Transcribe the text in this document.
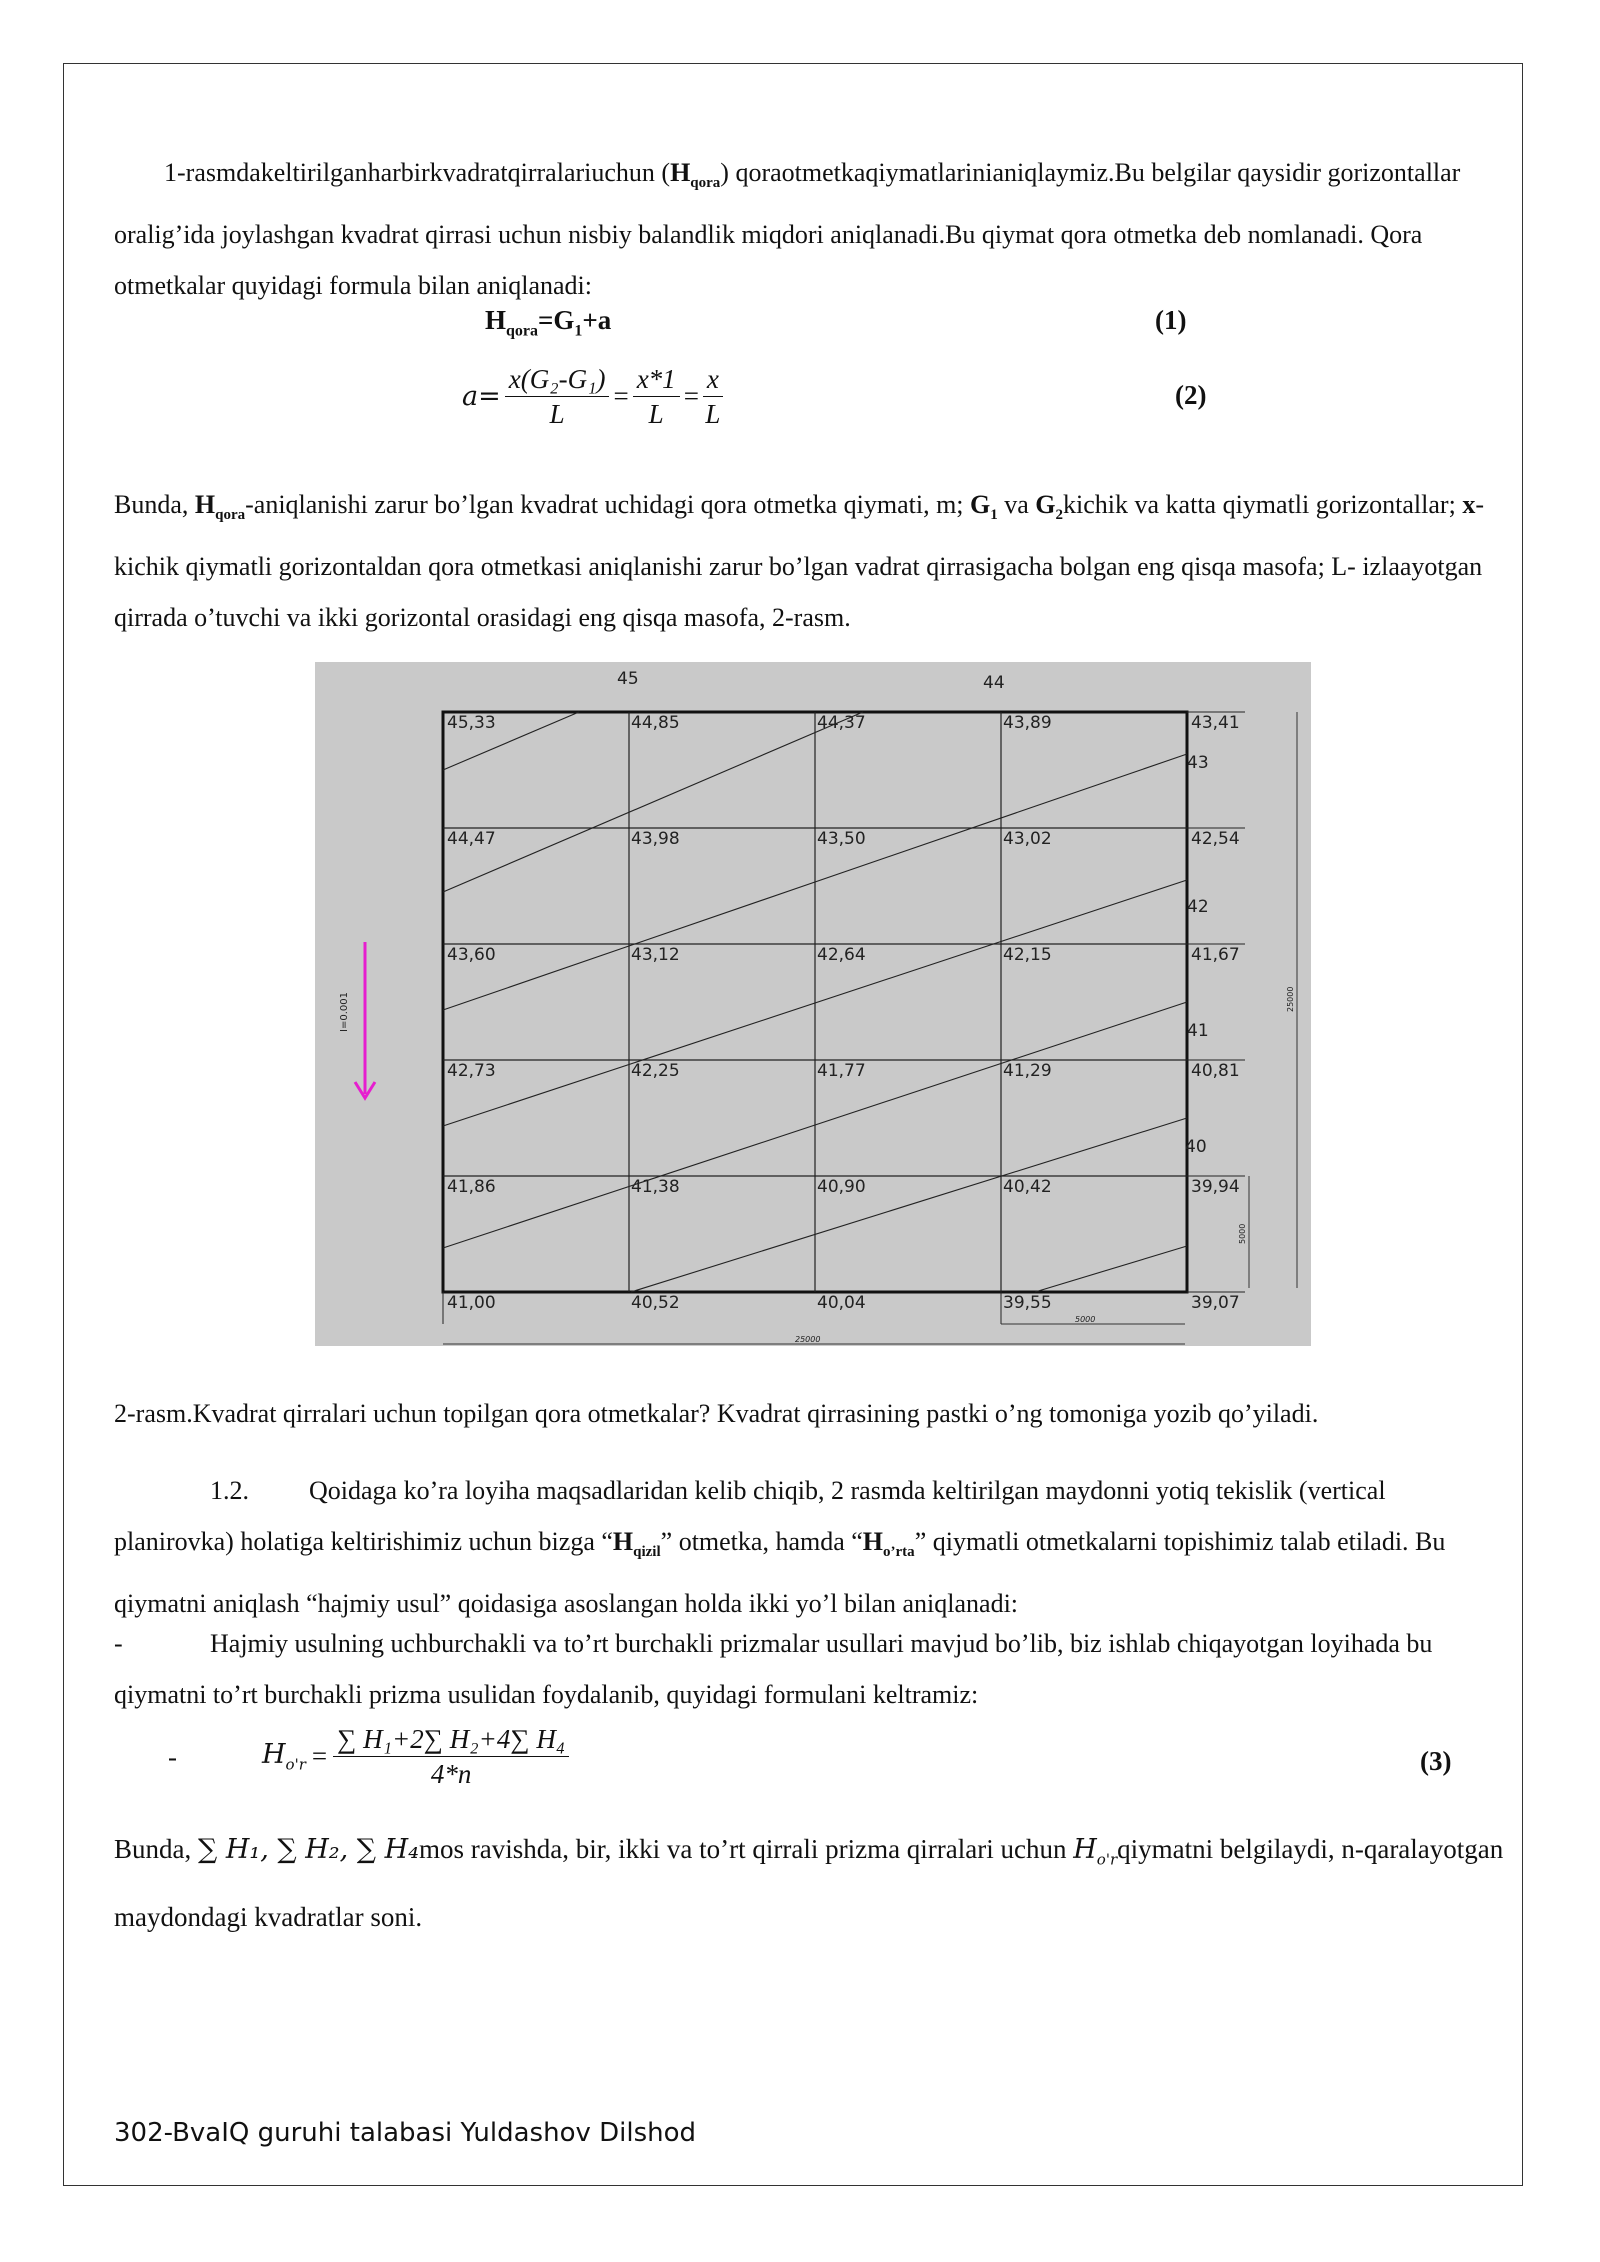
1-rasmdakeltirilganharbirkvadratqirralariuchun $(H_{qora})$ qoraotmetkaqiymatlarinianiqlaymiz.Bu belgilar qaysidir gorizontallar oralig’ida joylashgan kvadrat qirrasi uchun nisbiy balandlik miqdori aniqlanadi.Bu qiymat qora otmetka deb nomlanadi. Qora otmetkalar quyidagi formula bilan aniqlanadi:
$H_{qora}=G_1+a$	(1)
$a= \frac{\text{x(G₂-G₁)}}{L} = \frac{x*1}{L} = \frac{x}{L}$	(2)
Bunda, $H_{qora}$-aniqlanishi zarur bo’lgan kvadrat uchidagi qora otmetka qiymati, m; $G_1$ va $G_2kichik$ va katta qiymatli gorizontallar; x-kichik qiymatli gorizontaldan qora otmetkasi aniqlanishi zarur bo’lgan vadrat qirrasigacha bolgan eng qisqa masofa; L- izlaayotgan qirrada o’tuvchi va ikki gorizontal orasidagi eng qisqa masofa, 2-rasm.
45,33	44,85	44,37	43,89	43,41
44,47	43,98	43,50	43,02	42,54
43,60	43,12	42,64	42,15	41,67
42,73	42,25	41,77	41,29	40,81
41,86	41,38	40,90	40,42	39,94
41,00	40,52	40,04	39,55	39,07
45	44
43
42
41
40
I=0.001
25000
5000
25000
5000
2-rasm.Kvadrat qirralari uchun topilgan qora otmetkalar? Kvadrat qirrasining pastki o’ng tomoniga yozib qo’yiladi.
1.2. Qoidaga ko’ra loyiha maqsadlaridan kelib chiqib, 2 rasmda keltirilgan maydonni yotiq tekislik (vertical planirovka) holatiga keltirishimiz uchun bizga “$H_{qizil}$” otmetka, hamda “$H_{o’rta}$” qiymatli otmetkalarni topishimiz talab etiladi. Bu qiymatni aniqlash “hajmiy usul” qoidasiga asoslangan holda ikki yo’l bilan aniqlanadi:
-	Hajmiy usulning uchburchakli va to’rt burchakli prizmalar usullari mavjud bo’lib, biz ishlab chiqayotgan loyihada bu qiymatni to’rt burchakli prizma usulidan foydalanib, quyidagi formulani keltramiz:
-	$H_{o'r} = \frac{\text{∑ H₁+2∑ H₂+4∑ H₄}}{4*n}$	(3)
Bunda, ∑ H₁, ∑ H₂, ∑ H₄mos ravishda, bir, ikki va to’rt qirrali prizma qirralari uchun $H_{o'r}qiymatni$ belgilaydi, n-qaralayotgan maydondagi kvadratlar soni.
302-BvaIQ guruhi talabasi Yuldashov Dilshod
